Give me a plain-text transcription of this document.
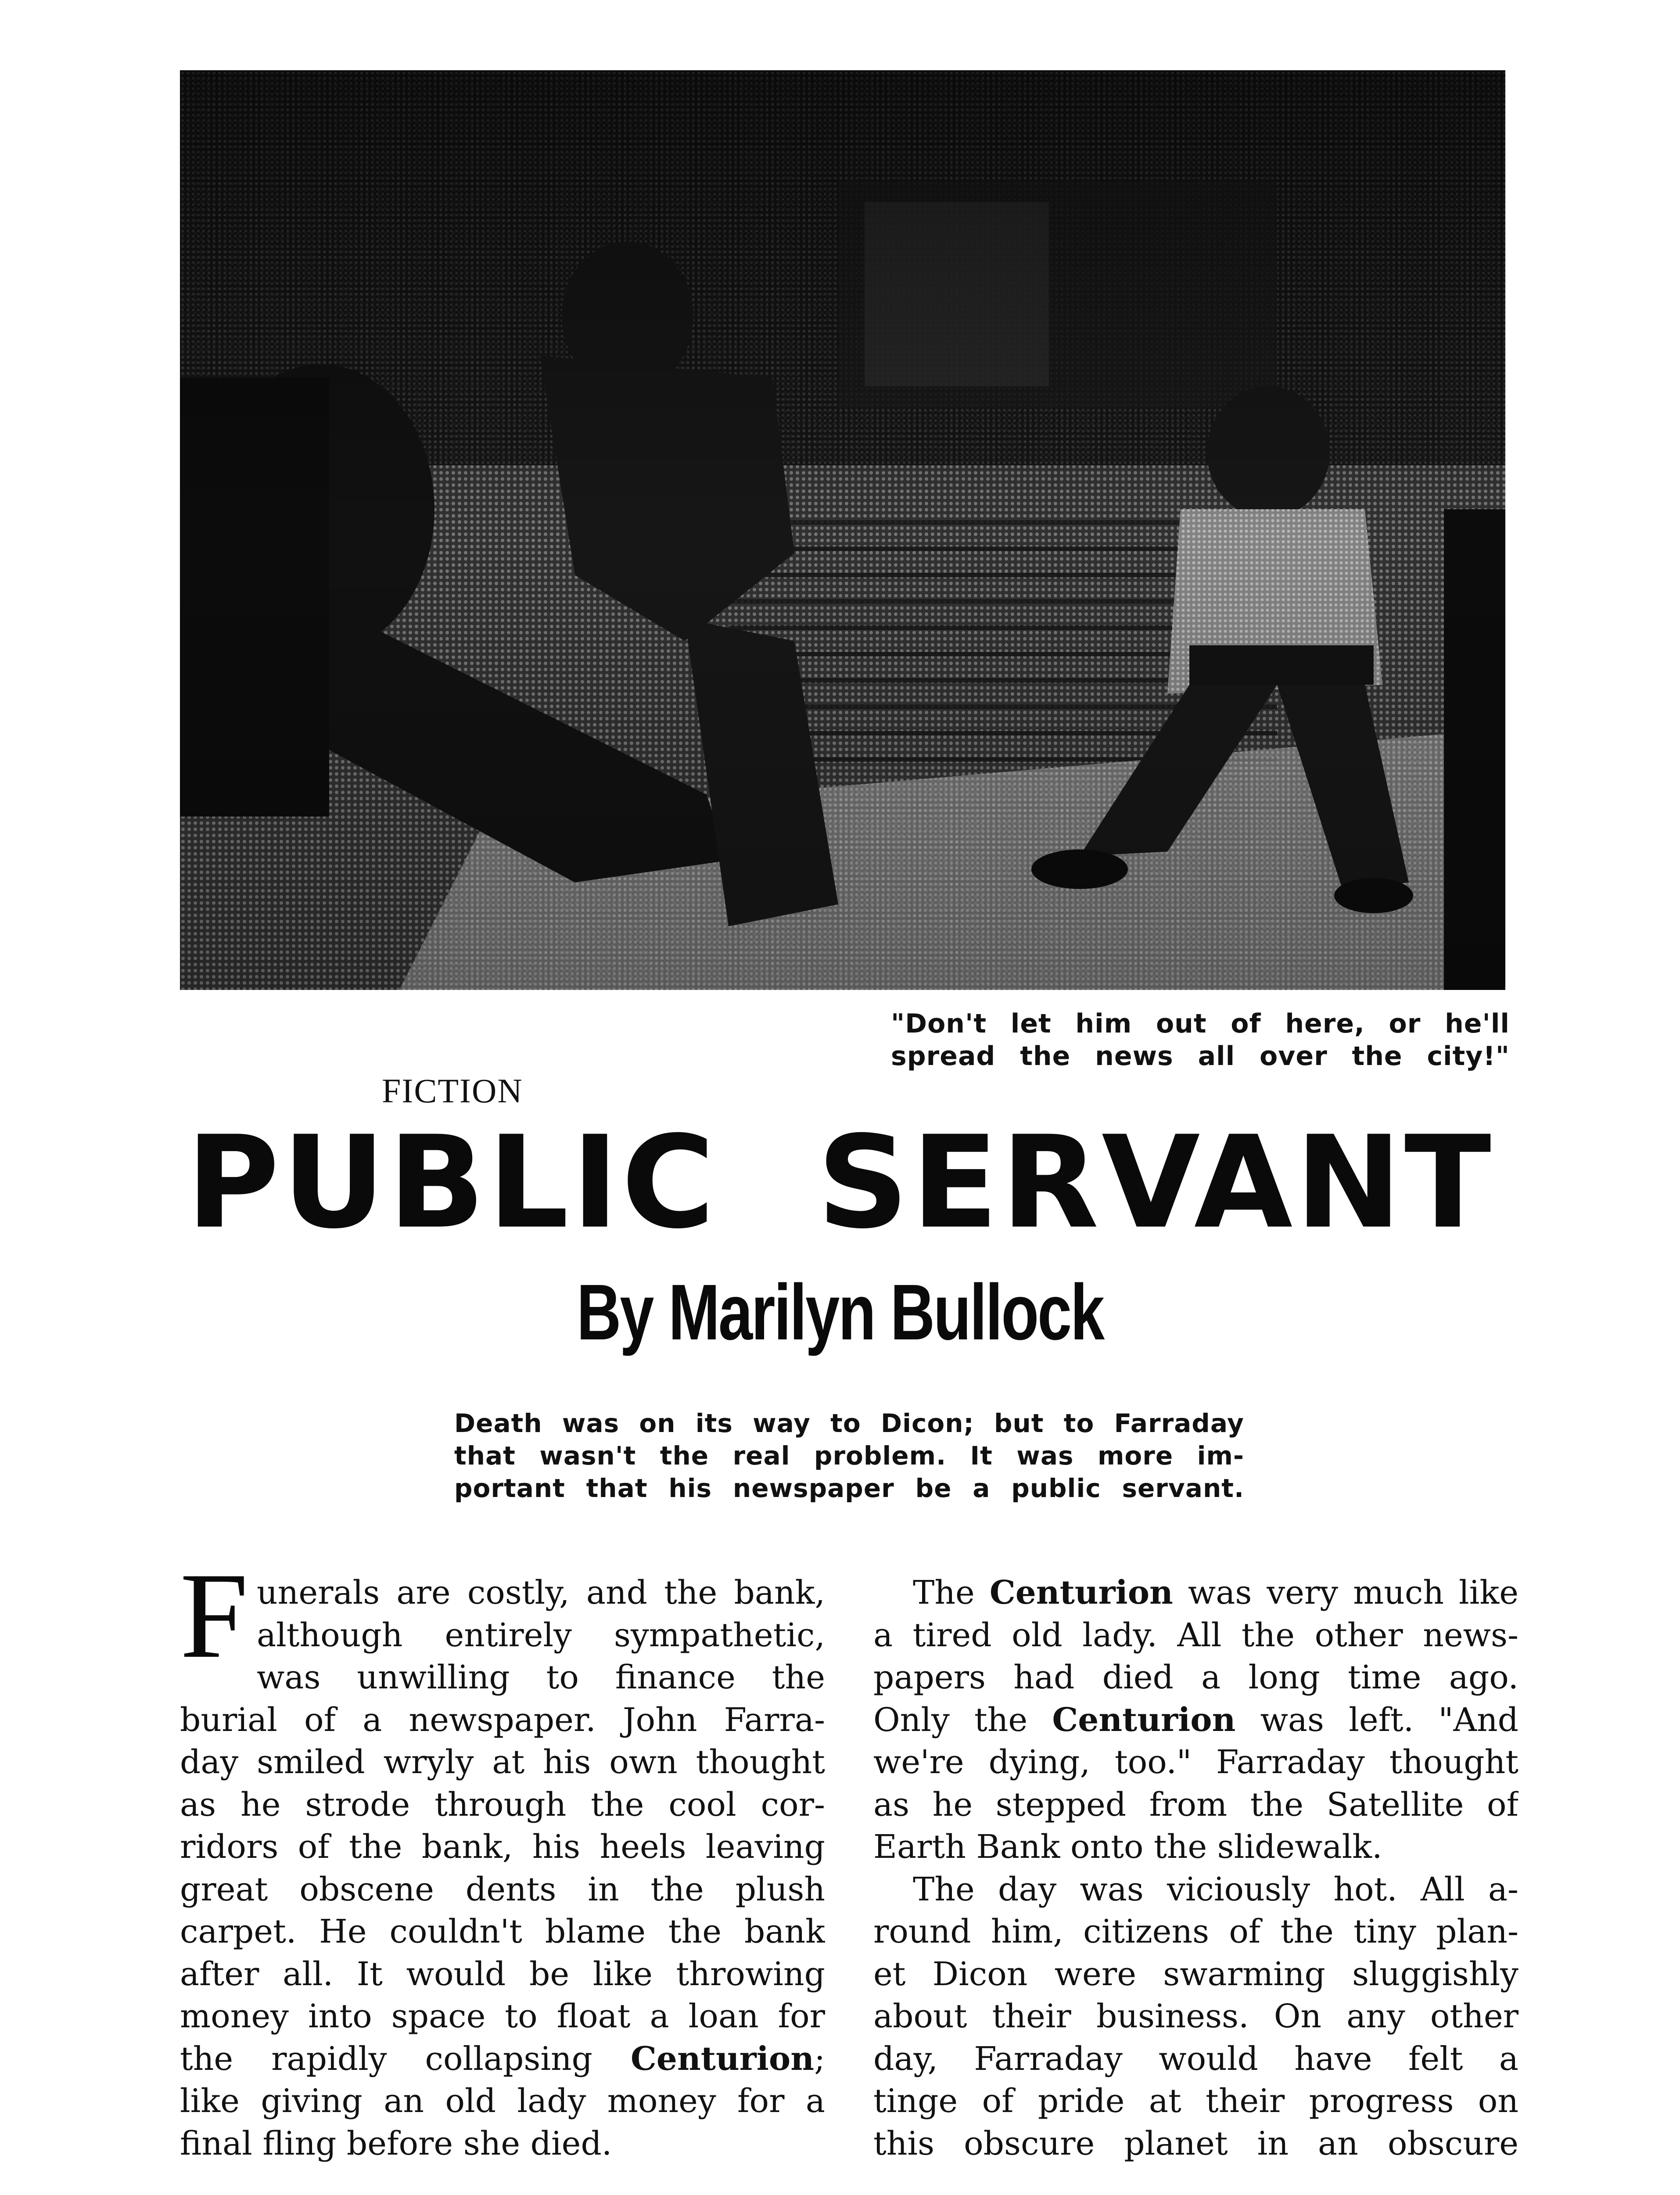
"Don't let him out of here, or he'll
spread the news all over the city!"
FICTION
PUBLIC SERVANT
By Marilyn Bullock
Death was on its way to Dicon; but to Farraday
that wasn't the real problem. It was more im-
portant that his newspaper be a public servant.
F unerals are costly, and the bank,
although entirely sympathetic,
was unwilling to finance the
burial of a newspaper. John Farra-
day smiled wryly at his own thought
as he strode through the cool cor-
ridors of the bank, his heels leaving
great obscene dents in the plush
carpet. He couldn't blame the bank
after all. It would be like throwing
money into space to float a loan for
the rapidly collapsing Centurion;
like giving an old lady money for a
final fling before she died.
The Centurion was very much like
a tired old lady. All the other news-
papers had died a long time ago.
Only the Centurion was left. "And
we're dying, too." Farraday thought
as he stepped from the Satellite of
Earth Bank onto the slidewalk.
The day was viciously hot. All a-
round him, citizens of the tiny plan-
et Dicon were swarming sluggishly
about their business. On any other
day, Farraday would have felt a
tinge of pride at their progress on
this obscure planet in an obscure
